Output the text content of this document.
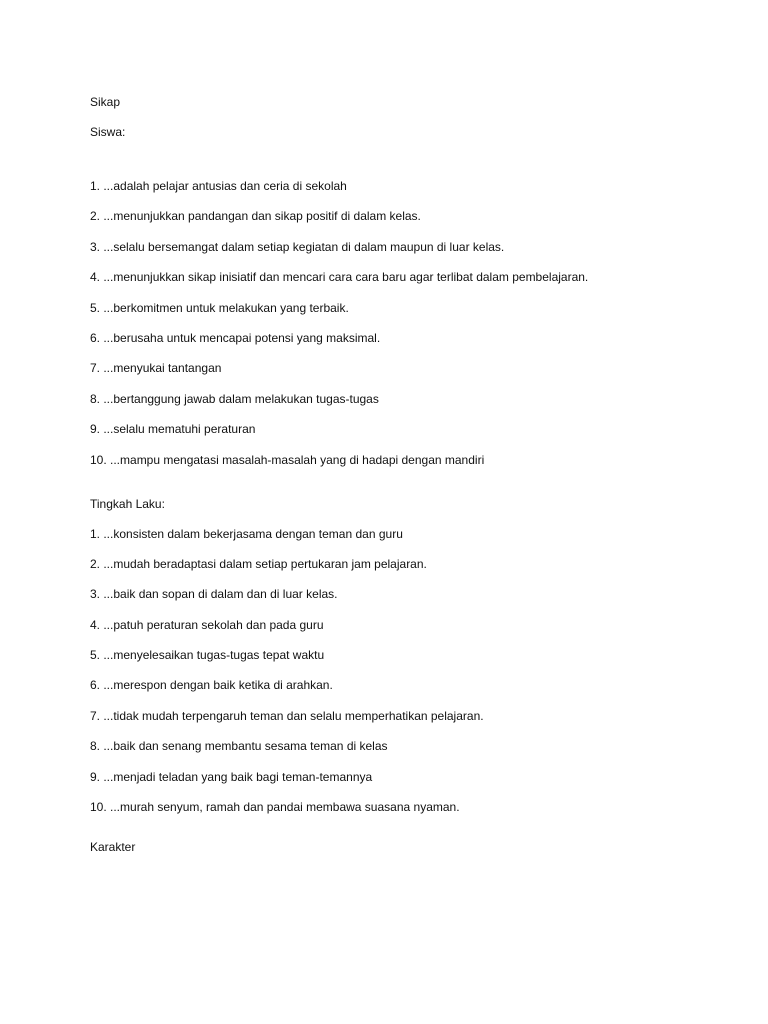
Sikap

Siswa:

1. ...adalah pelajar antusias dan ceria di sekolah
2. ...menunjukkan pandangan dan sikap positif di dalam kelas.
3. ...selalu bersemangat dalam setiap kegiatan di dalam maupun di luar kelas.
4. ...menunjukkan sikap inisiatif dan mencari cara cara baru agar terlibat dalam pembelajaran.
5. ...berkomitmen untuk melakukan yang terbaik.
6. ...berusaha untuk mencapai potensi yang maksimal.
7. ...menyukai tantangan
8. ...bertanggung jawab dalam melakukan tugas-tugas
9. ...selalu mematuhi peraturan
10. ...mampu mengatasi masalah-masalah yang di hadapi dengan mandiri

Tingkah Laku:

1. ...konsisten dalam bekerjasama dengan teman dan guru
2. ...mudah beradaptasi dalam setiap pertukaran jam pelajaran.
3. ...baik dan sopan di dalam dan di luar kelas.
4. ...patuh peraturan sekolah dan pada guru
5. ...menyelesaikan tugas-tugas tepat waktu
6. ...merespon dengan baik ketika di arahkan.
7. ...tidak mudah terpengaruh teman dan selalu memperhatikan pelajaran.
8. ...baik dan senang membantu sesama teman di kelas
9. ...menjadi teladan yang baik bagi teman-temannya
10. ...murah senyum, ramah dan pandai membawa suasana nyaman.

Karakter
